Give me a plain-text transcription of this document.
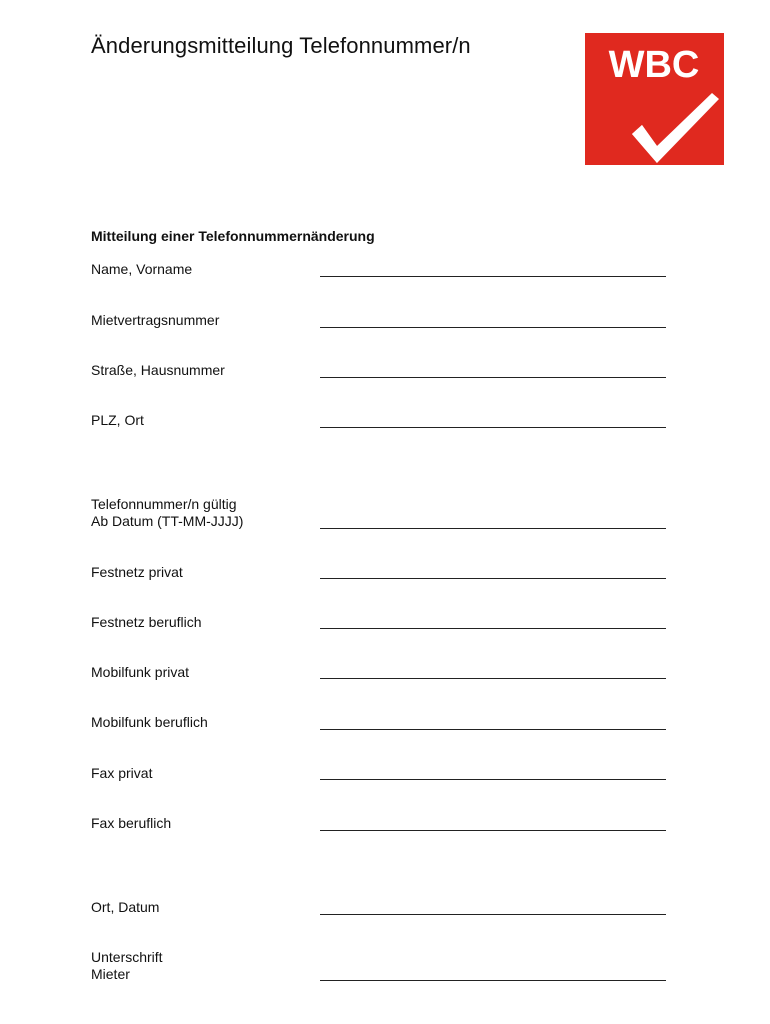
Änderungsmitteilung Telefonnummer/n	WBC
Mitteilung einer Telefonnummernänderung
Name, Vorname
Mietvertragsnummer
Straße, Hausnummer
PLZ, Ort
Telefonnummer/n gültig
Ab Datum (TT-MM-JJJJ)
Festnetz privat
Festnetz beruflich
Mobilfunk privat
Mobilfunk beruflich
Fax privat
Fax beruflich
Ort, Datum
Unterschrift
Mieter
